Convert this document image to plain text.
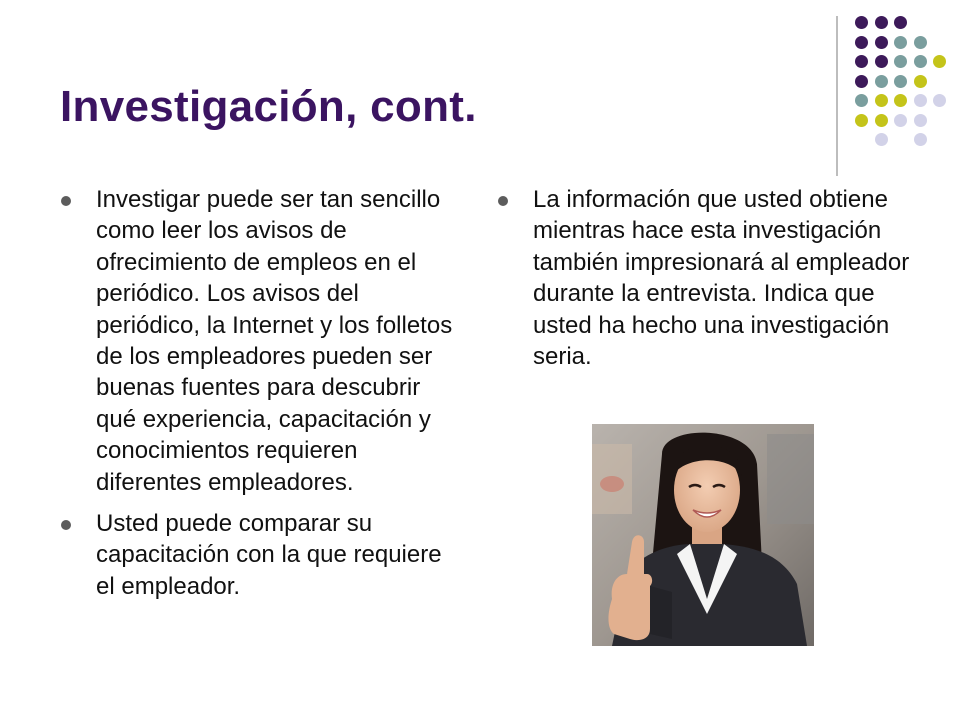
Investigación, cont.
Investigar puede ser tan sencillo como leer los avisos de ofrecimiento de empleos en el periódico. Los avisos del periódico, la Internet y los folletos de los empleadores pueden ser buenas fuentes para descubrir qué experiencia, capacitación y conocimientos requieren diferentes empleadores.
Usted puede comparar su capacitación con la que requiere el empleador.
La información que usted obtiene mientras hace esta investigación también impresionará al empleador durante la entrevista. Indica que usted ha hecho una investigación seria.
